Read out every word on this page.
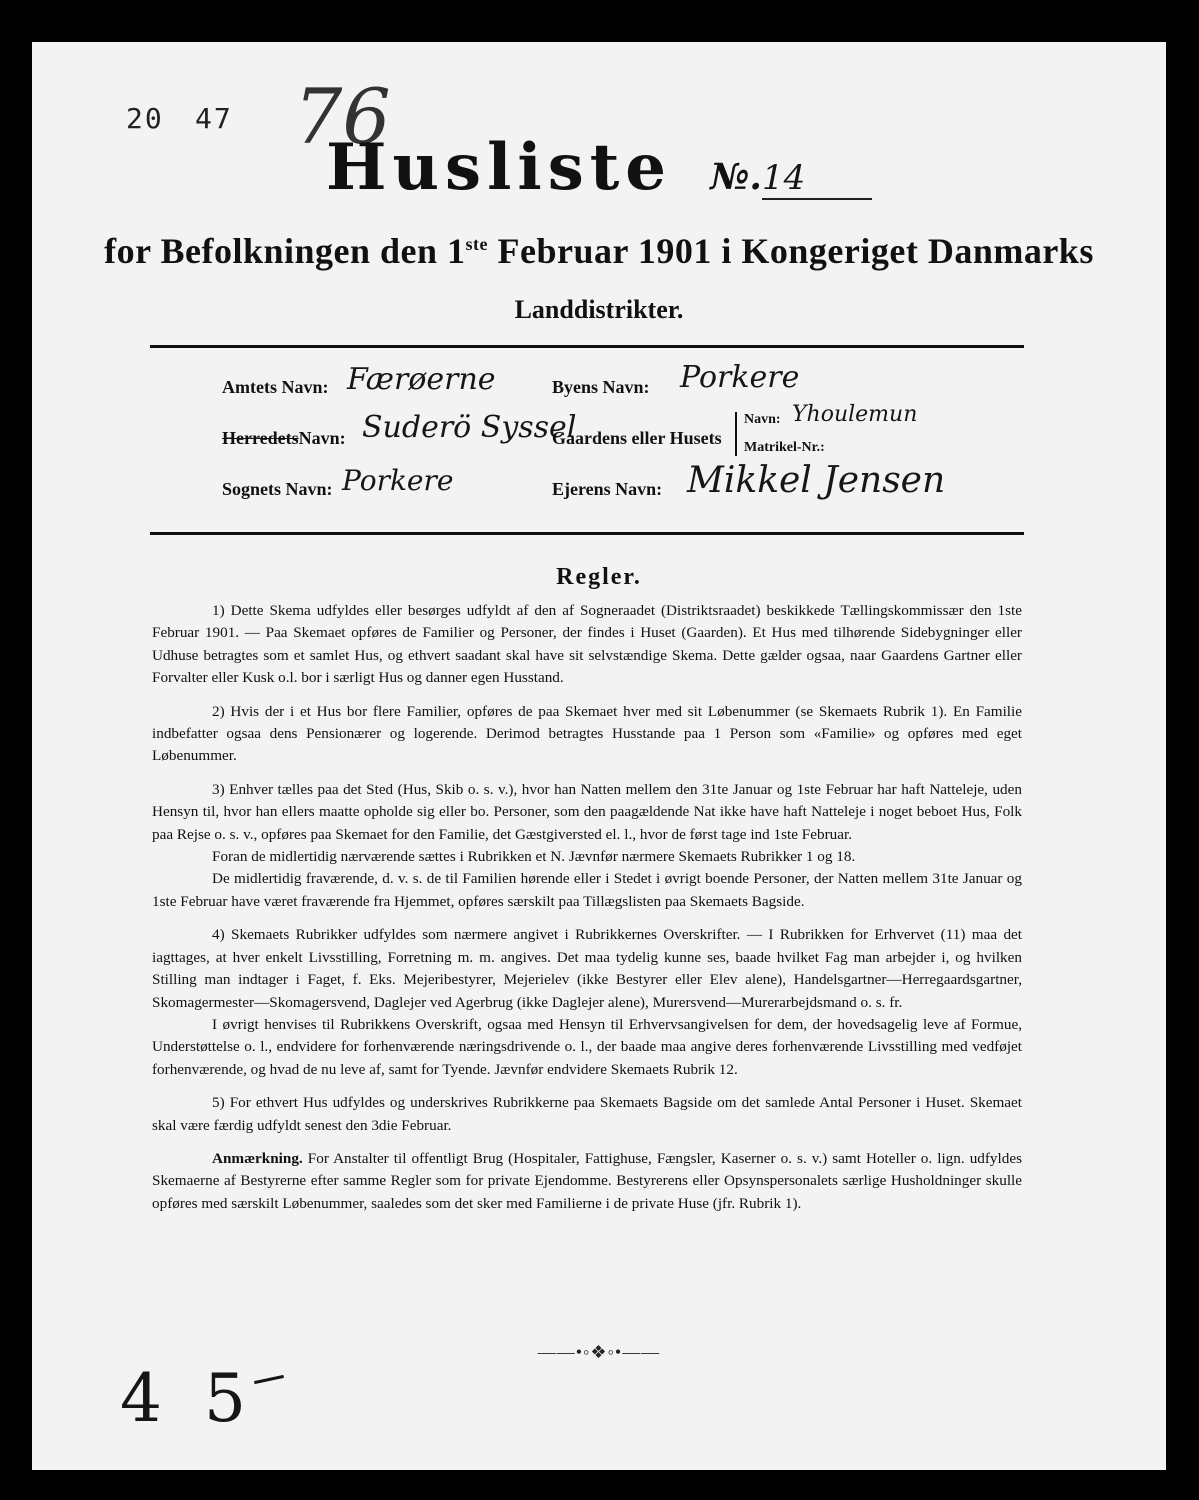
20 47 76
Husliste №.14
for Befolkningen den 1ste Februar 1901 i Kongeriget Danmarks
Landdistrikter.
Amtets Navn: Færøerne	Byens Navn: Porkere
HerredetsNavn: Suderö Syssel
Gaardens eller Husets
Navn: Yhoulemun
Matrikel-Nr.:
Sognets Navn: Porkere	Ejerens Navn: Mikkel Jensen
Regler.

1) Dette Skema udfyldes eller besørges udfyldt af den af Sogneraadet (Distriktsraadet) beskikkede Tællingskommissær den 1ste Februar 1901. — Paa Skemaet opføres de Familier og Personer, der findes i Huset (Gaarden). Et Hus med tilhørende Sidebygninger eller Udhuse betragtes som et samlet Hus, og ethvert saadant skal have sit selvstændige Skema. Dette gælder ogsaa, naar Gaardens Gartner eller Forvalter eller Kusk o.l. bor i særligt Hus og danner egen Husstand.

2) Hvis der i et Hus bor flere Familier, opføres de paa Skemaet hver med sit Løbenummer (se Skemaets Rubrik 1). En Familie indbefatter ogsaa dens Pensionærer og logerende. Derimod betragtes Husstande paa 1 Person som «Familie» og opføres med eget Løbenummer.

3) Enhver tælles paa det Sted (Hus, Skib o. s. v.), hvor han Natten mellem den 31te Januar og 1ste Februar har haft Natteleje, uden Hensyn til, hvor han ellers maatte opholde sig eller bo. Personer, som den paagældende Nat ikke have haft Natteleje i noget beboet Hus, Folk paa Rejse o. s. v., opføres paa Skemaet for den Familie, det Gæstgiversted el. l., hvor de først tage ind 1ste Februar.

Foran de midlertidig nærværende sættes i Rubrikken et N. Jævnfør nærmere Skemaets Rubrikker 1 og 18.

De midlertidig fraværende, d. v. s. de til Familien hørende eller i Stedet i øvrigt boende Personer, der Natten mellem 31te Januar og 1ste Februar have været fraværende fra Hjemmet, opføres særskilt paa Tillægslisten paa Skemaets Bagside.

4) Skemaets Rubrikker udfyldes som nærmere angivet i Rubrikkernes Overskrifter. — I Rubrikken for Erhvervet (11) maa det iagttages, at hver enkelt Livsstilling, Forretning m. m. angives. Det maa tydelig kunne ses, baade hvilket Fag man arbejder i, og hvilken Stilling man indtager i Faget, f. Eks. Mejeribestyrer, Mejerielev (ikke Bestyrer eller Elev alene), Handelsgartner—Herregaardsgartner, Skomagermester—Skomagersvend, Daglejer ved Agerbrug (ikke Daglejer alene), Murersvend—Murerarbejdsmand o. s. fr.

I øvrigt henvises til Rubrikkens Overskrift, ogsaa med Hensyn til Erhvervsangivelsen for dem, der hovedsagelig leve af Formue, Understøttelse o. l., endvidere for forhenværende næringsdrivende o. l., der baade maa angive deres forhenværende Livsstilling med vedføjet forhenværende, og hvad de nu leve af, samt for Tyende. Jævnfør endvidere Skemaets Rubrik 12.

5) For ethvert Hus udfyldes og underskrives Rubrikkerne paa Skemaets Bagside om det samlede Antal Personer i Huset. Skemaet skal være færdig udfyldt senest den 3die Februar.

Anmærkning. For Anstalter til offentligt Brug (Hospitaler, Fattighuse, Fængsler, Kaserner o. s. v.) samt Hoteller o. lign. udfyldes Skemaerne af Bestyrerne efter samme Regler som for private Ejendomme. Bestyrerens eller Opsynspersonalets særlige Husholdninger skulle opføres med særskilt Løbenummer, saaledes som det sker med Familierne i de private Huse (jfr. Rubrik 1).

——•◦❖◦•——
4 5
